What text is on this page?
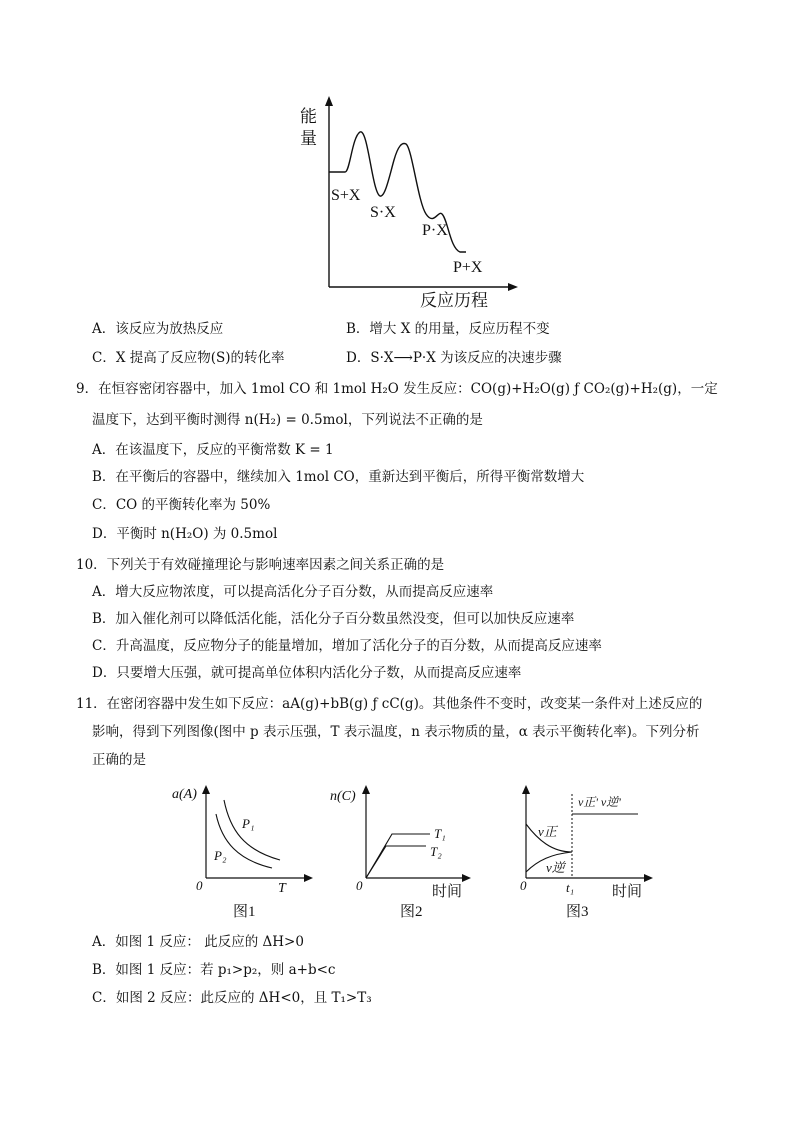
能
量
反应历程
S+X
S·X
P·X
P+X
A．该反应为放热反应	B．增大 X 的用量，反应历程不变
C．X 提高了反应物(S)的转化率	D．S·X⟶P·X 为该反应的决速步骤
9．在恒容密闭容器中，加入 1mol CO 和 1mol H₂O 发生反应：CO(g)+H₂O(g) ƒ CO₂(g)+H₂(g)，一定
温度下，达到平衡时测得 n(H₂) = 0.5mol，下列说法不正确的是
A．在该温度下，反应的平衡常数 K = 1
B．在平衡后的容器中，继续加入 1mol CO，重新达到平衡后，所得平衡常数增大
C．CO 的平衡转化率为 50%
D．平衡时 n(H₂O) 为 0.5mol
10．下列关于有效碰撞理论与影响速率因素之间关系正确的是
A．增大反应物浓度，可以提高活化分子百分数，从而提高反应速率
B．加入催化剂可以降低活化能，活化分子百分数虽然没变，但可以加快反应速率
C．升高温度，反应物分子的能量增加，增加了活化分子的百分数，从而提高反应速率
D．只要增大压强，就可提高单位体积内活化分子数，从而提高反应速率
11．在密闭容器中发生如下反应：aA(g)+bB(g) ƒ cC(g)。其他条件不变时，改变某一条件对上述反应的
影响，得到下列图像(图中 p 表示压强，T 表示温度，n 表示物质的量，α 表示平衡转化率)。下列分析
正确的是
a(A)
P₁
P₂
0	T
图1
n(C)
T₁
T₂
0	时间
图2
v正
v逆
v正' v逆'
0	t₁	时间
图3
A．如图 1 反应： 此反应的 ΔH>0
B．如图 1 反应：若 p₁>p₂，则 a+b<c
C．如图 2 反应：此反应的 ΔH<0，且 T₁>T₃
